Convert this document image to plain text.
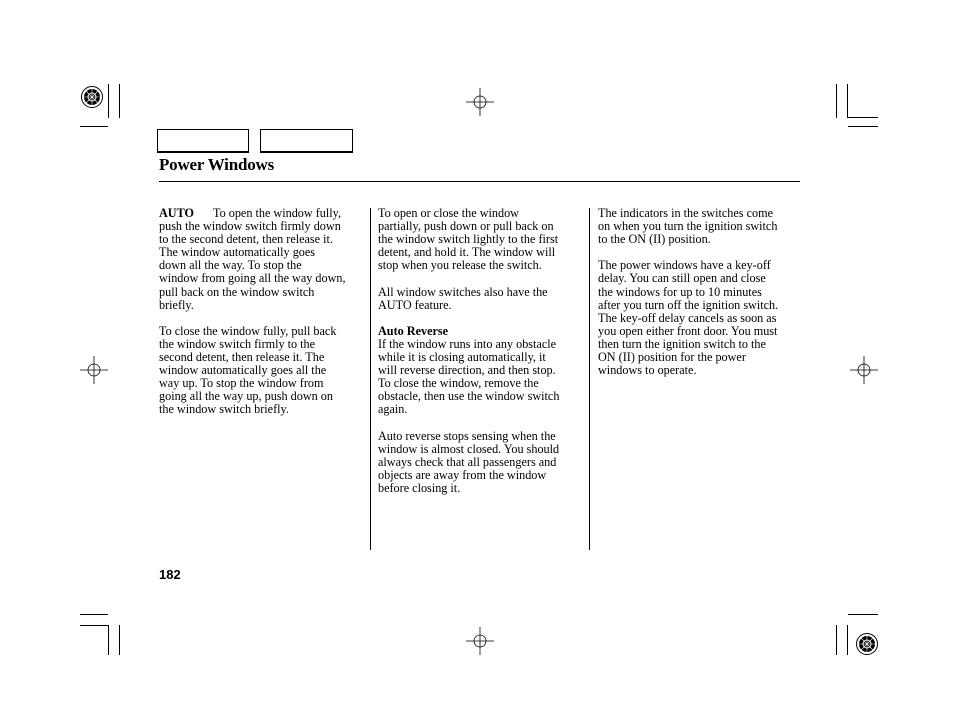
Power Windows

AUTO To open the window fully,
push the window switch firmly down
to the second detent, then release it.
The window automatically goes
down all the way. To stop the
window from going all the way down,
pull back on the window switch
briefly.

To close the window fully, pull back
the window switch firmly to the
second detent, then release it. The
window automatically goes all the
way up. To stop the window from
going all the way up, push down on
the window switch briefly.

To open or close the window
partially, push down or pull back on
the window switch lightly to the first
detent, and hold it. The window will
stop when you release the switch.

All window switches also have the
AUTO feature.

Auto Reverse

If the window runs into any obstacle
while it is closing automatically, it
will reverse direction, and then stop.
To close the window, remove the
obstacle, then use the window switch
again.

Auto reverse stops sensing when the
window is almost closed. You should
always check that all passengers and
objects are away from the window
before closing it.

The indicators in the switches come
on when you turn the ignition switch
to the ON (II) position.

The power windows have a key-off
delay. You can still open and close
the windows for up to 10 minutes
after you turn off the ignition switch.
The key-off delay cancels as soon as
you open either front door. You must
then turn the ignition switch to the
ON (II) position for the power
windows to operate.

182
